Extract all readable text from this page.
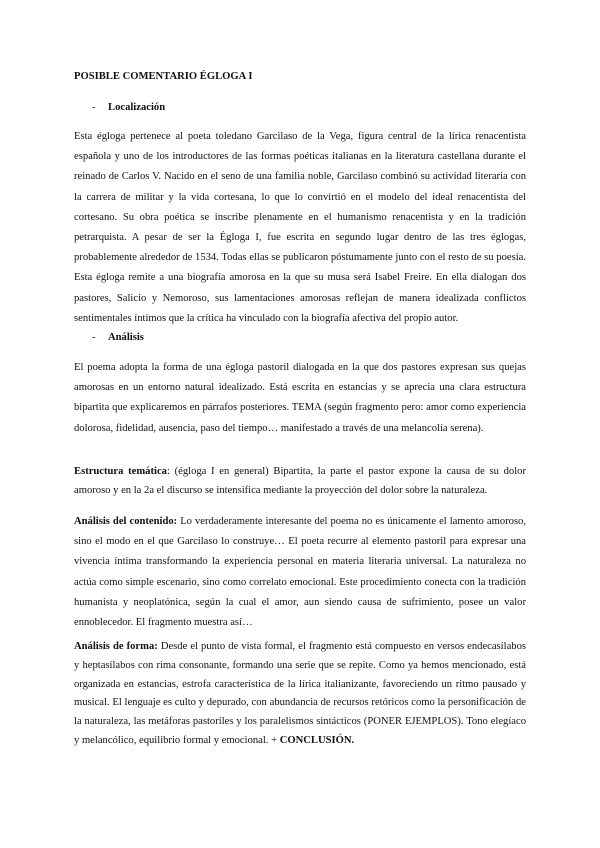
POSIBLE COMENTARIO ÉGLOGA I
-	Localización

Esta égloga pertenece al poeta toledano Garcilaso de la Vega, figura central de la lírica renacentista española y uno de los introductores de las formas poéticas italianas en la literatura castellana durante el reinado de Carlos V. Nacido en el seno de una familia noble, Garcilaso combinó su actividad literaria con la carrera de militar y la vida cortesana, lo que lo convirtió en el modelo del ideal renacentista del cortesano. Su obra poética se inscribe plenamente en el humanismo renacentista y en la tradición petrarquista. A pesar de ser la Égloga I, fue escrita en segundo lugar dentro de las tres églogas, probablemente alrededor de 1534. Todas ellas se publicaron póstumamente junto con el resto de su poesía. Esta égloga remite a una biografía amorosa en la que su musa será Isabel Freire. En ella dialogan dos pastores, Salicio y Nemoroso, sus lamentaciones amorosas reflejan de manera idealizada conflictos sentimentales íntimos que la crítica ha vinculado con la biografía afectiva del propio autor.

-	Análisis

El poema adopta la forma de una égloga pastoril dialogada en la que dos pastores expresan sus quejas amorosas en un entorno natural idealizado. Está escrita en estancias y se aprecia una clara estructura bipartita que explicaremos en párrafos posteriores. TEMA (según fragmento pero: amor como experiencia dolorosa, fidelidad, ausencia, paso del tiempo… manifestado a través de una melancolía serena).

Estructura temática: (égloga I en general) Bipartita, la parte el pastor expone la causa de su dolor amoroso y en la 2a el discurso se intensifica mediante la proyección del dolor sobre la naturaleza.

Análisis del contenido: Lo verdaderamente interesante del poema no es únicamente el lamento amoroso, sino el modo en el que Garcilaso lo construye… El poeta recurre al elemento pastoril para expresar una vivencia íntima transformando la experiencia personal en materia literaria universal. La naturaleza no actúa como simple escenario, sino como correlato emocional. Este procedimiento conecta con la tradición humanista y neoplatónica, según la cual el amor, aun siendo causa de sufrimiento, posee un valor ennoblecedor. El fragmento muestra así…

Análisis de forma: Desde el punto de vista formal, el fragmento está compuesto en versos endecasílabos y heptasílabos con rima consonante, formando una serie que se repite. Como ya hemos mencionado, está organizada en estancias, estrofa característica de la lírica italianizante, favoreciendo un ritmo pausado y musical. El lenguaje es culto y depurado, con abundancia de recursos retóricos como la personificación de la naturaleza, las metáforas pastoriles y los paralelismos sintácticos (PONER EJEMPLOS). Tono elegíaco y melancólico, equilibrio formal y emocional. + CONCLUSIÓN.
